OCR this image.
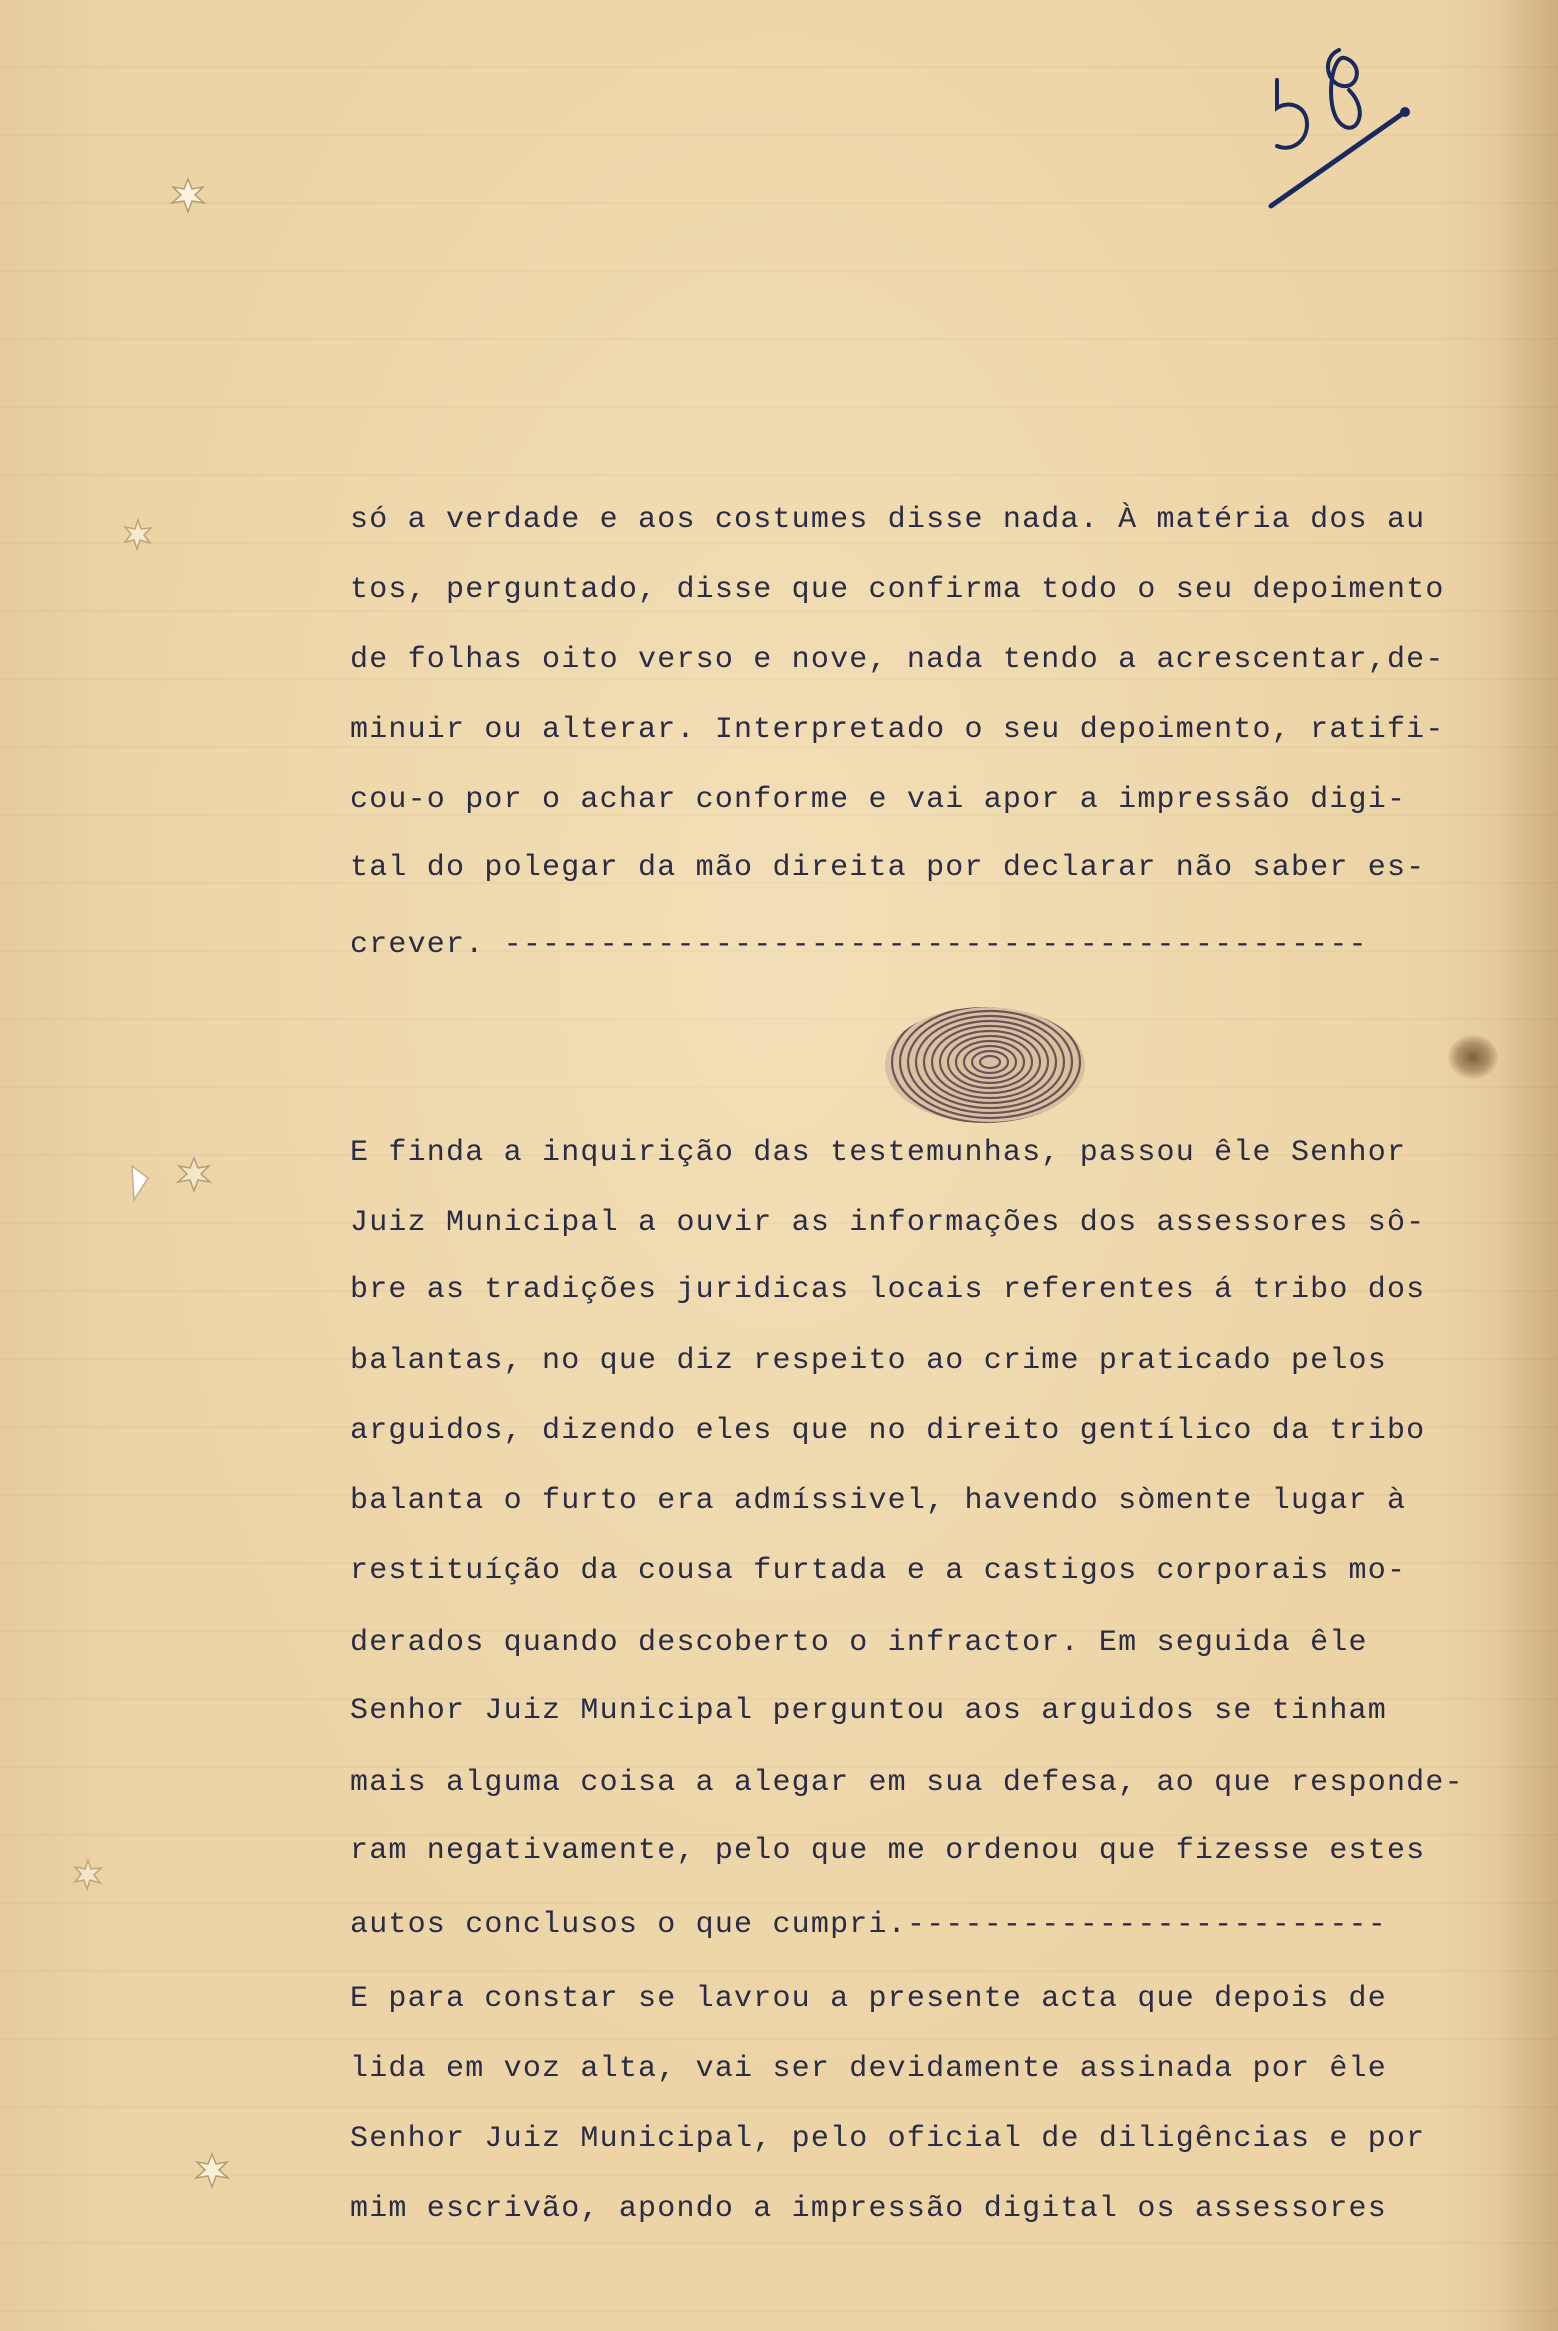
só a verdade e aos costumes disse nada. À matéria dos au

tos, perguntado, disse que confirma todo o seu depoimento

de folhas oito verso e nove, nada tendo a acrescentar,de-

minuir ou alterar. Interpretado o seu depoimento, ratifi-

cou-o por o achar conforme e vai apor a impressão digi-

tal do polegar da mão direita por declarar não saber es-

crever. ---------------------------------------------

E finda a inquirição das testemunhas, passou êle Senhor

Juiz Municipal a ouvir as informações dos assessores sô-

bre as tradições juridicas locais referentes á tribo dos

balantas, no que diz respeito ao crime praticado pelos

arguidos, dizendo eles que no direito gentílico da tribo

balanta o furto era admíssivel, havendo sòmente lugar à

restituíção da cousa furtada e a castigos corporais mo-

derados quando descoberto o infractor. Em seguida êle

Senhor Juiz Municipal perguntou aos arguidos se tinham

mais alguma coisa a alegar em sua defesa, ao que responde-

ram negativamente, pelo que me ordenou que fizesse estes

autos conclusos o que cumpri.-------------------------

E para constar se lavrou a presente acta que depois de

lida em voz alta, vai ser devidamente assinada por êle

Senhor Juiz Municipal, pelo oficial de diligências e por

mim escrivão, apondo a impressão digital os assessores
